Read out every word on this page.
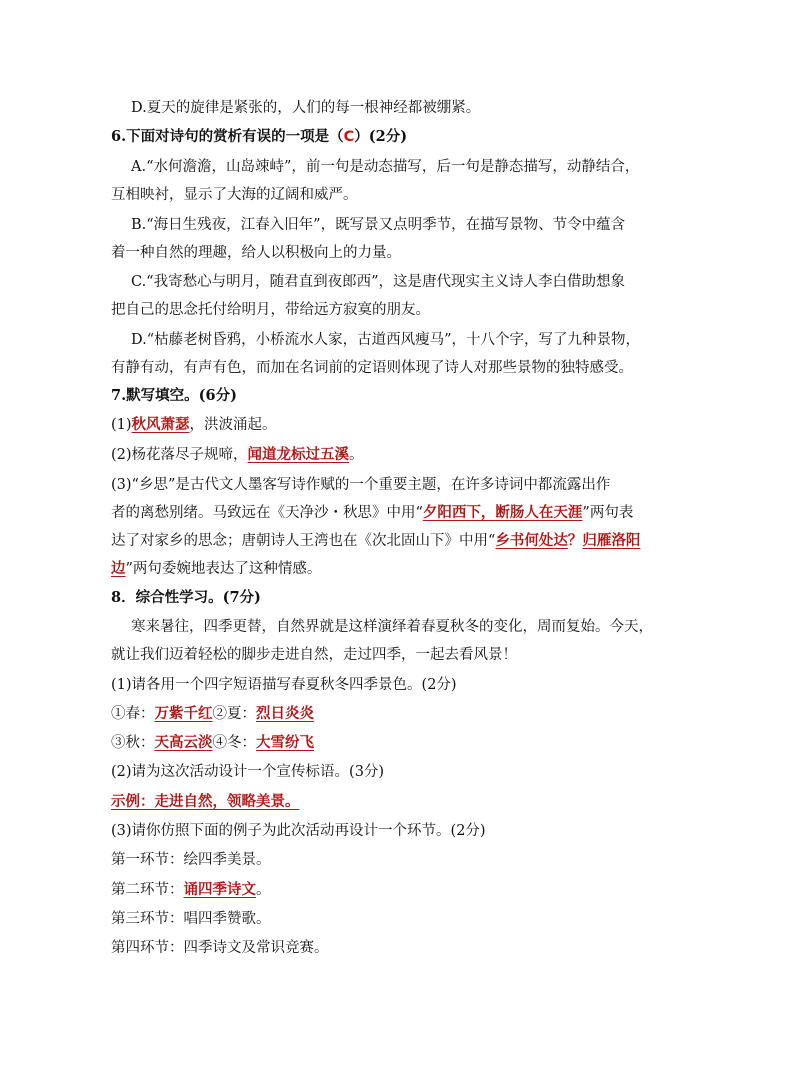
D.夏天的旋律是紧张的，人们的每一根神经都被绷紧。
6.下面对诗句的赏析有误的一项是（C）(2分)
A.“水何澹澹，山岛竦峙”，前一句是动态描写，后一句是静态描写，动静结合，
互相映衬，显示了大海的辽阔和威严。
B.“海日生残夜，江春入旧年”，既写景又点明季节，在描写景物、节令中蕴含
着一种自然的理趣，给人以积极向上的力量。
C.“我寄愁心与明月，随君直到夜郎西”，这是唐代现实主义诗人李白借助想象
把自己的思念托付给明月，带给远方寂寞的朋友。
D.“枯藤老树昏鸦，小桥流水人家，古道西风瘦马”，十八个字，写了九种景物，
有静有动，有声有色，而加在名词前的定语则体现了诗人对那些景物的独特感受。
7.默写填空。(6分)
(1)秋风萧瑟，洪波涌起。
(2)杨花落尽子规啼，闻道龙标过五溪。
(3)“乡思”是古代文人墨客写诗作赋的一个重要主题，在许多诗词中都流露出作
者的离愁别绪。马致远在《天净沙・秋思》中用“夕阳西下，断肠人在天涯”两句表
达了对家乡的思念；唐朝诗人王湾也在《次北固山下》中用“乡书何处达？归雁洛阳
边”两句委婉地表达了这种情感。
8．综合性学习。(7分)
寒来暑往，四季更替，自然界就是这样演绎着春夏秋冬的变化，周而复始。今天，
就让我们迈着轻松的脚步走进自然，走过四季，一起去看风景！
(1)请各用一个四字短语描写春夏秋冬四季景色。(2分)
①春：万紫千红②夏：烈日炎炎
③秋：天高云淡④冬：大雪纷飞
(2)请为这次活动设计一个宣传标语。(3分)
示例：走进自然，领略美景。
(3)请你仿照下面的例子为此次活动再设计一个环节。(2分)
第一环节：绘四季美景。
第二环节：诵四季诗文。
第三环节：唱四季赞歌。
第四环节：四季诗文及常识竞赛。
